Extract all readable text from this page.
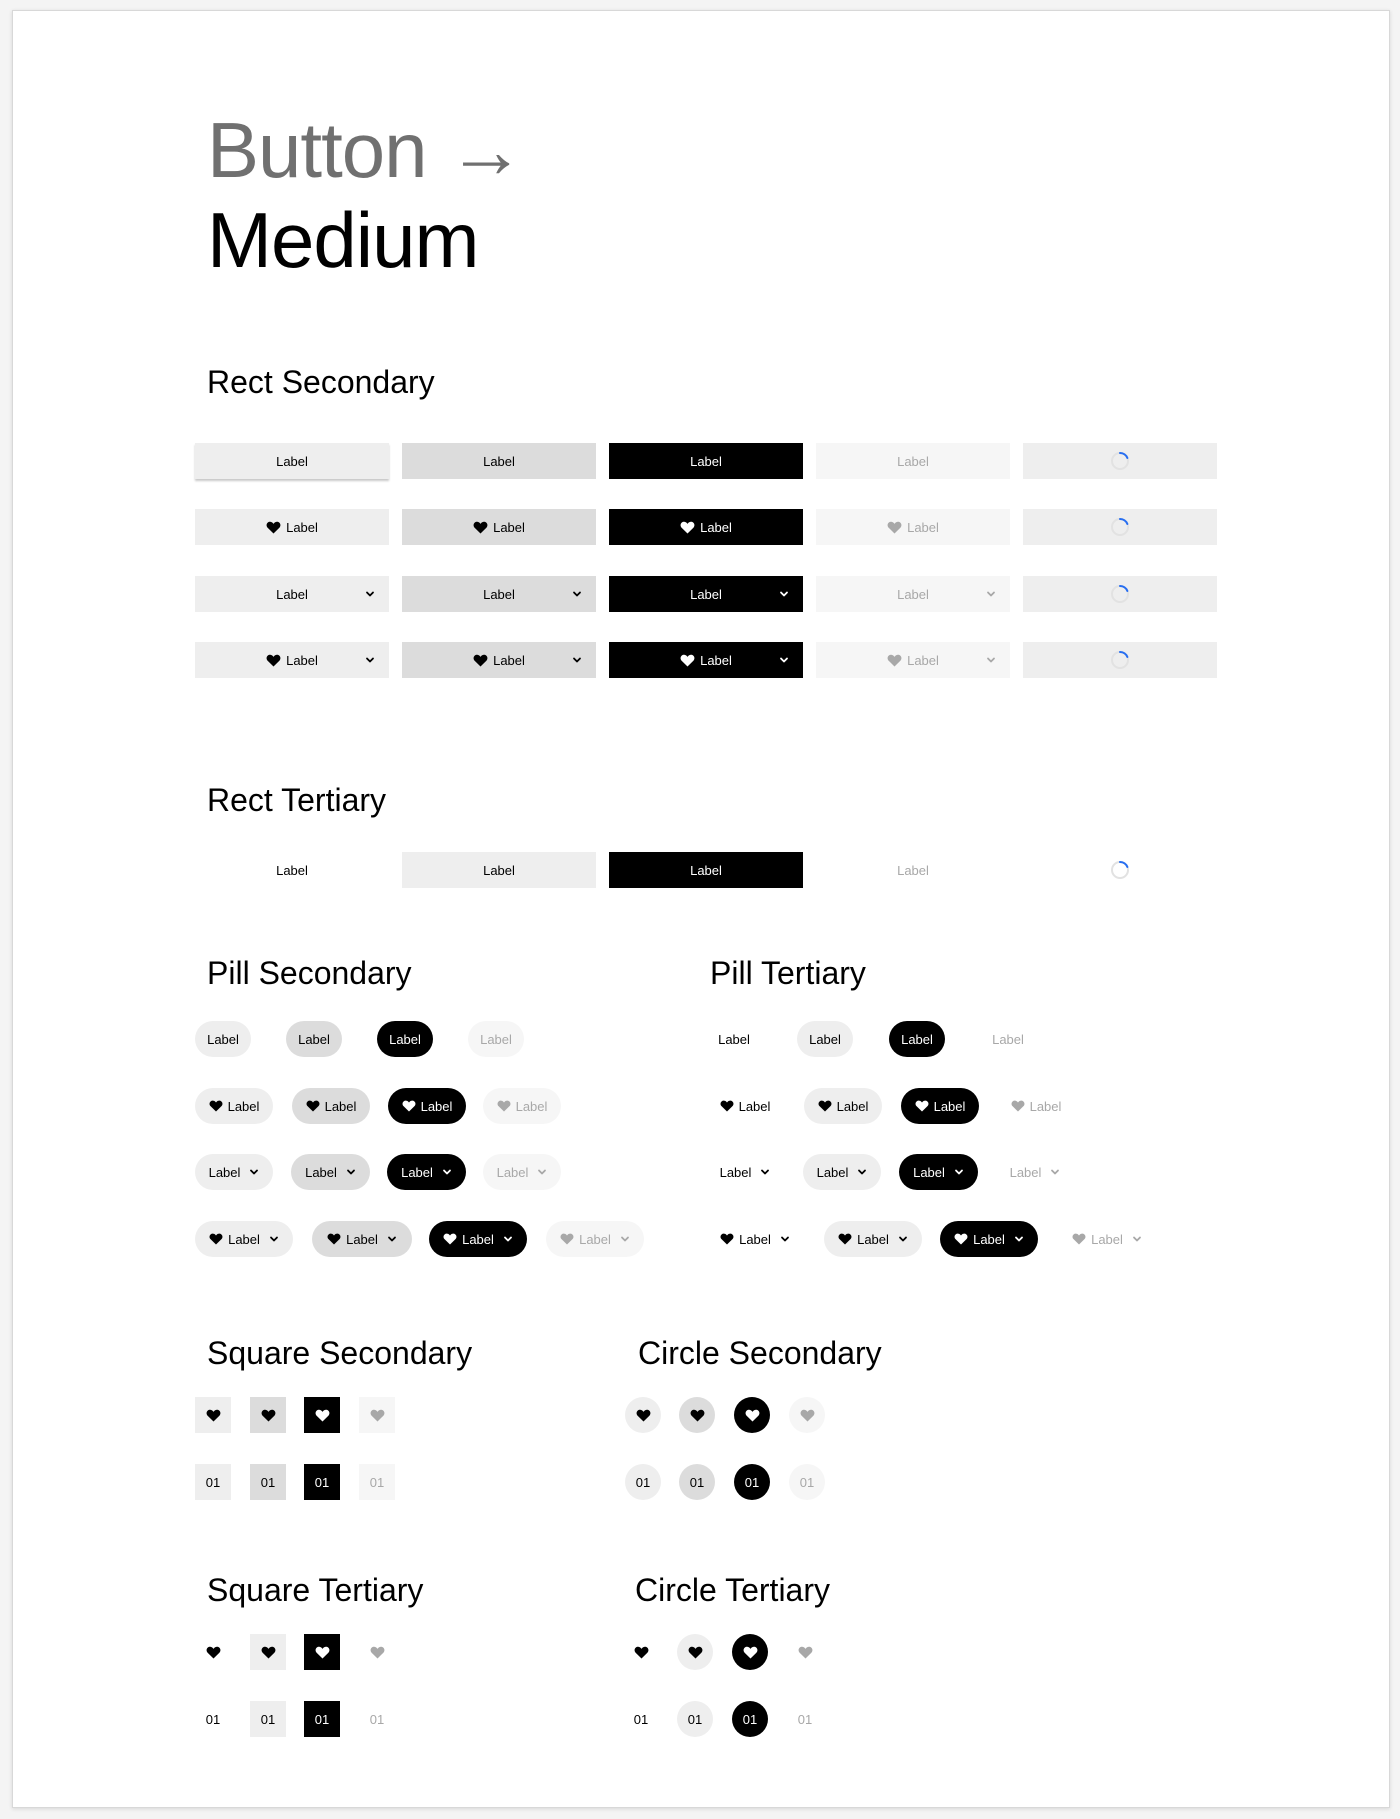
Button →
Medium
Rect Secondary
Rect Tertiary
Pill Secondary	Pill Tertiary
Square Secondary	Circle Secondary
Square Tertiary	Circle Tertiary
Label	Label	Label	Label
Label	Label	Label	Label
Label	Label	Label	Label
Label	Label	Label	Label
Label	Label	Label	Label
Label	Label	Label	Label	Label	Label	Label	Label
Label	Label	Label	Label	Label	Label	Label	Label
Label	Label	Label	Label	Label	Label	Label	Label
Label	Label	Label	Label	Label	Label	Label	Label
01	01	01	01	01	01	01	01
01	01	01	01	01	01	01	01
